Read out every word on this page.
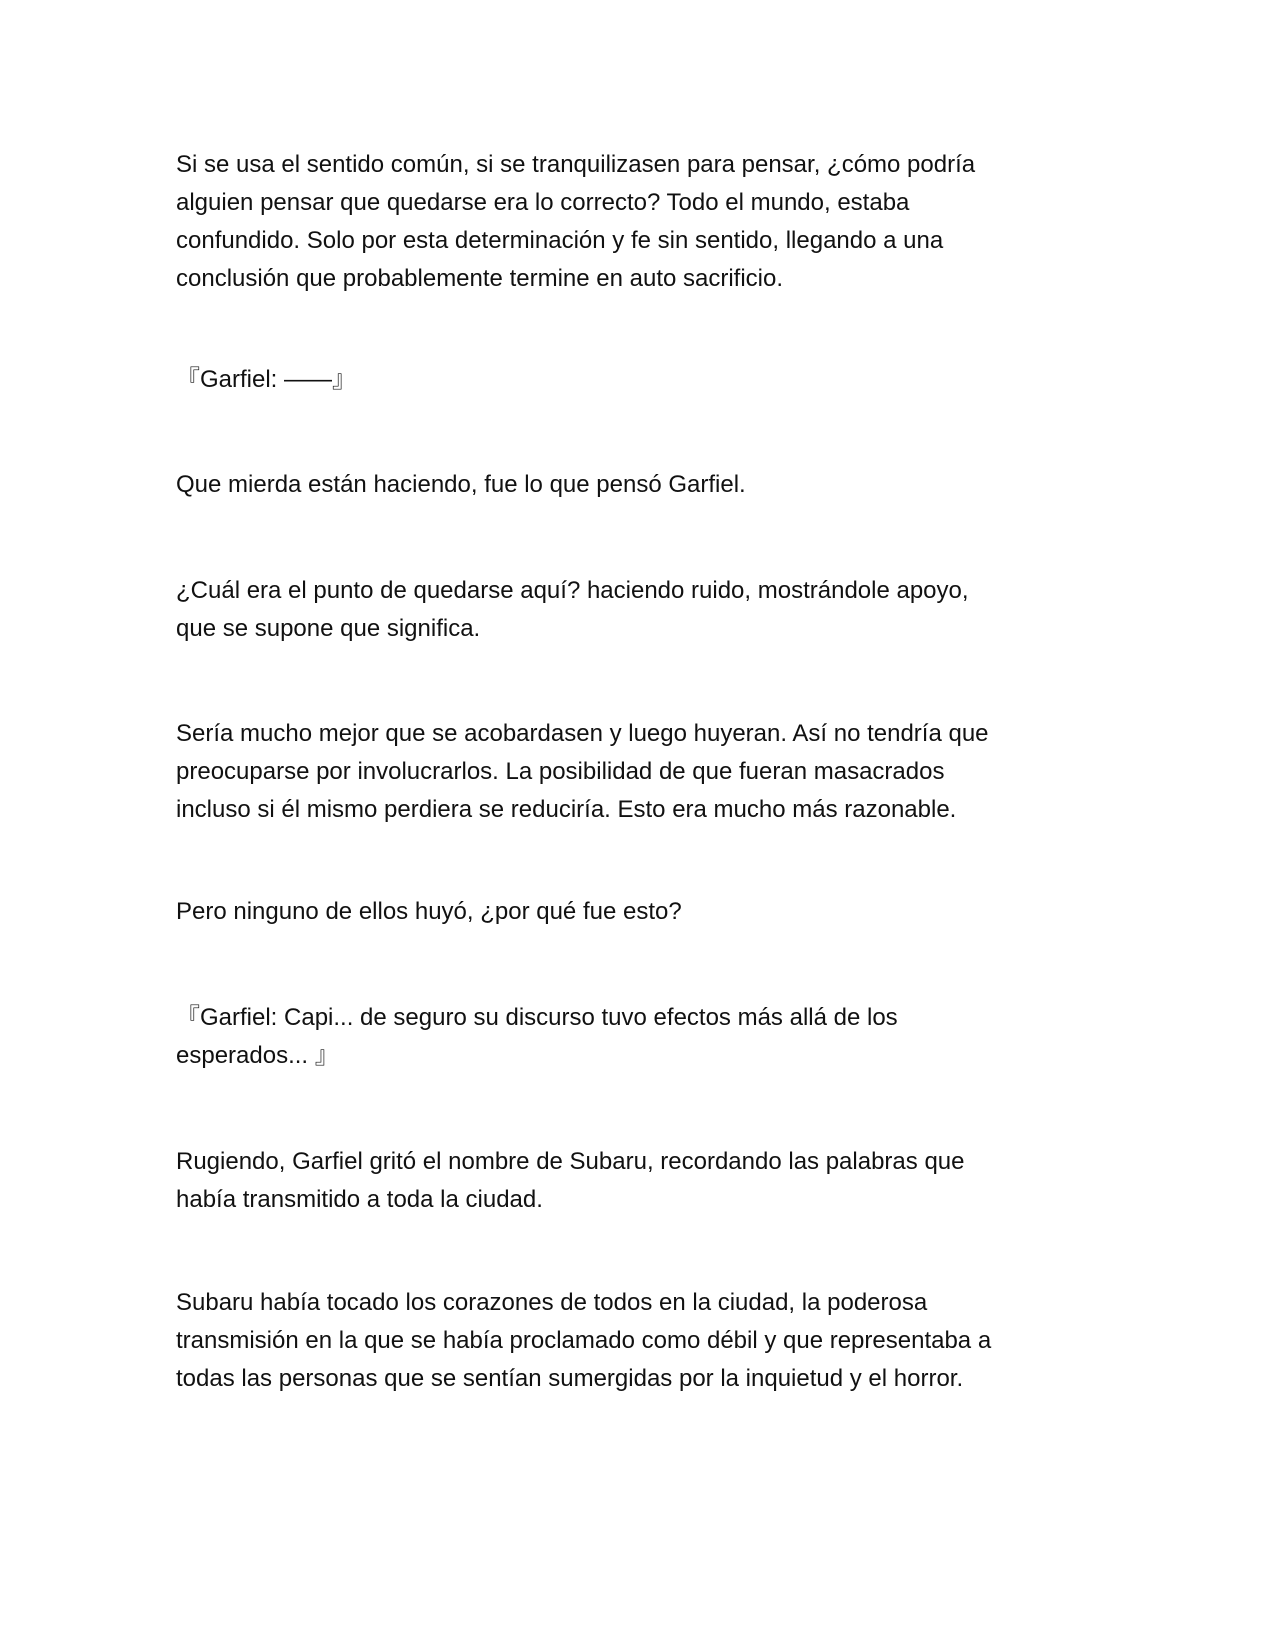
Si se usa el sentido común, si se tranquilizasen para pensar, ¿cómo podría
alguien pensar que quedarse era lo correcto? Todo el mundo, estaba
confundido. Solo por esta determinación y fe sin sentido, llegando a una
conclusión que probablemente termine en auto sacrificio.
『Garfiel: ——』
Que mierda están haciendo, fue lo que pensó Garfiel.
¿Cuál era el punto de quedarse aquí? haciendo ruido, mostrándole apoyo,
que se supone que significa.
Sería mucho mejor que se acobardasen y luego huyeran. Así no tendría que
preocuparse por involucrarlos. La posibilidad de que fueran masacrados
incluso si él mismo perdiera se reduciría. Esto era mucho más razonable.
Pero ninguno de ellos huyó, ¿por qué fue esto?
『Garfiel: Capi... de seguro su discurso tuvo efectos más allá de los
esperados... 』
Rugiendo, Garfiel gritó el nombre de Subaru, recordando las palabras que
había transmitido a toda la ciudad.
Subaru había tocado los corazones de todos en la ciudad, la poderosa
transmisión en la que se había proclamado como débil y que representaba a
todas las personas que se sentían sumergidas por la inquietud y el horror.
